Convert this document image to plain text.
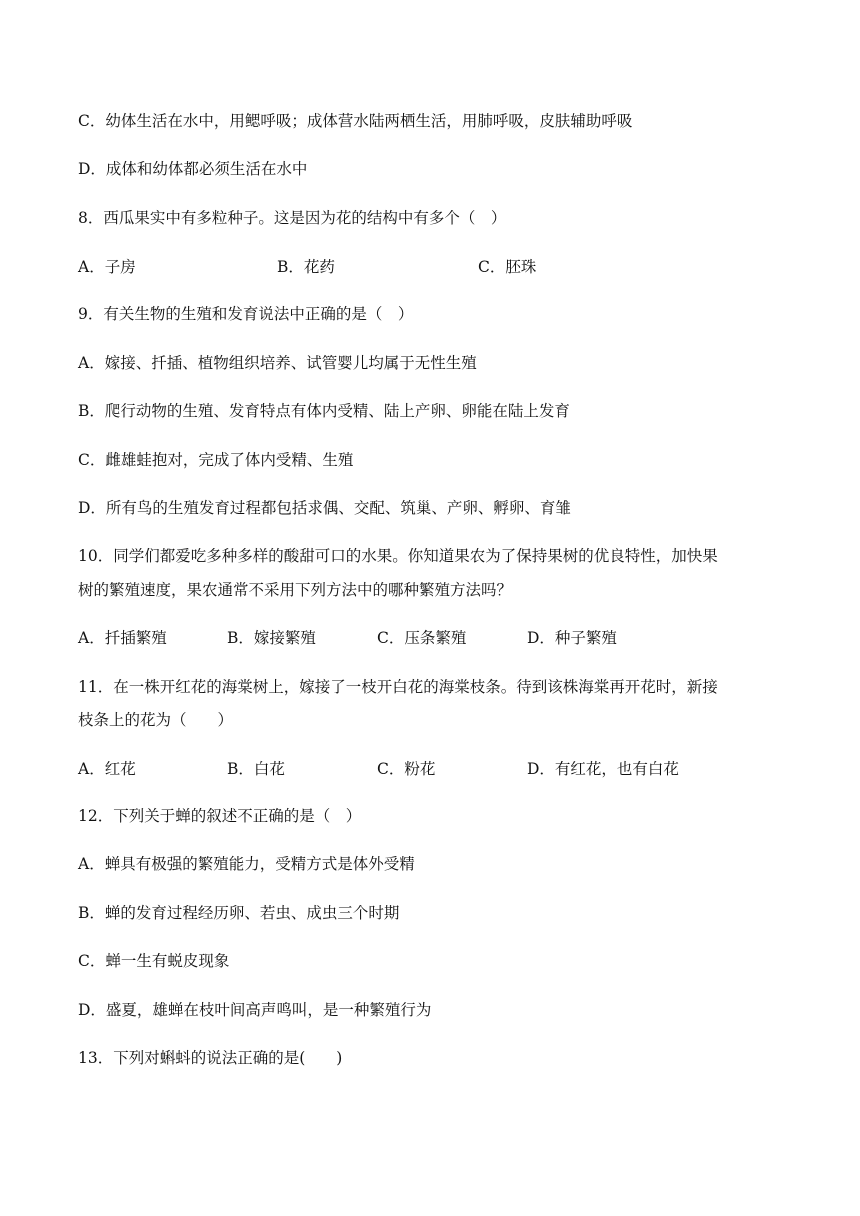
C．幼体生活在水中，用鳃呼吸；成体营水陆两栖生活，用肺呼吸，皮肤辅助呼吸
D．成体和幼体都必须生活在水中
8．西瓜果实中有多粒种子。这是因为花的结构中有多个（　）
A．子房	B．花药	C．胚珠
9．有关生物的生殖和发育说法中正确的是（　）
A．嫁接、扦插、植物组织培养、试管婴儿均属于无性生殖
B．爬行动物的生殖、发育特点有体内受精、陆上产卵、卵能在陆上发育
C．雌雄蛙抱对，完成了体内受精、生殖
D．所有鸟的生殖发育过程都包括求偶、交配、筑巢、产卵、孵卵、育雏
10．同学们都爱吃多种多样的酸甜可口的水果。你知道果农为了保持果树的优良特性，加快果
树的繁殖速度，果农通常不采用下列方法中的哪种繁殖方法吗？
A．扦插繁殖	B．嫁接繁殖	C．压条繁殖	D．种子繁殖
11．在一株开红花的海棠树上，嫁接了一枝开白花的海棠枝条。待到该株海棠再开花时，新接
枝条上的花为（　　）
A．红花	B．白花	C．粉花	D．有红花，也有白花
12．下列关于蝉的叙述不正确的是（　）
A．蝉具有极强的繁殖能力，受精方式是体外受精
B．蝉的发育过程经历卵、若虫、成虫三个时期
C．蝉一生有蜕皮现象
D．盛夏，雄蝉在枝叶间高声鸣叫，是一种繁殖行为
13．下列对蝌蚪的说法正确的是(　　)
